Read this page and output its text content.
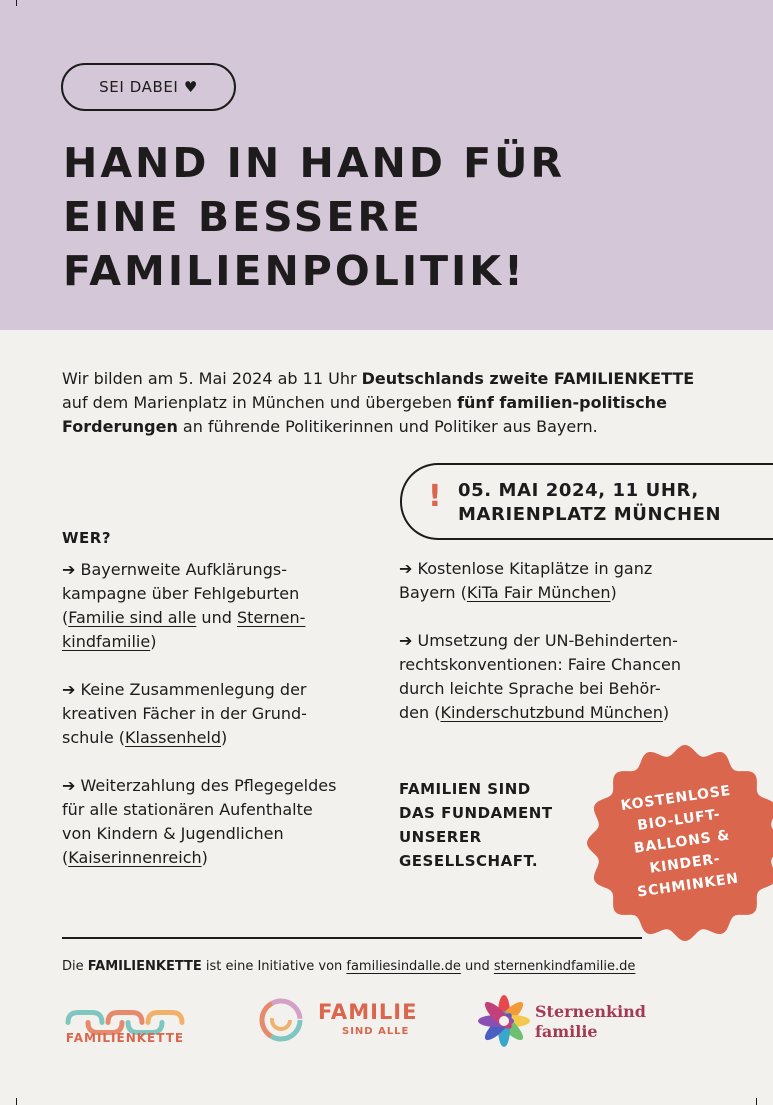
SEI DABEI ♥
HAND IN HAND FÜR
EINE BESSERE
FAMILIENPOLITIK!
Wir bilden am 5. Mai 2024 ab 11 Uhr Deutschlands zweite FAMILIENKETTE auf dem Marienplatz in München und übergeben fünf familien-politische Forderungen an führende Politikerinnen und Politiker aus Bayern.
! 05. MAI 2024, 11 UHR,
MARIENPLATZ MÜNCHEN
WER?
➔ Bayernweite Aufklärungs-
kampagne über Fehlgeburten
(Familie sind alle und Sternen-
kindfamilie)
➔ Keine Zusammenlegung der
kreativen Fächer in der Grund-
schule (Klassenheld)
➔ Weiterzahlung des Pflegegeldes
für alle stationären Aufenthalte
von Kindern & Jugendlichen
(Kaiserinnenreich)
➔ Kostenlose Kitaplätze in ganz
Bayern (KiTa Fair München)
➔ Umsetzung der UN-Behinderten-
rechtskonventionen: Faire Chancen
durch leichte Sprache bei Behör-
den (Kinderschutzbund München)
FAMILIEN SIND
DAS FUNDAMENT
UNSERER
GESELLSCHAFT.
KOSTENLOSE
BIO-LUFT-
BALLONS &
KINDER-
SCHMINKEN
Die FAMILIENKETTE ist eine Initiative von familiesindalle.de und sternenkindfamilie.de
FAMILIENKETTE
FAMILIE
SIND ALLE
Sternenkind
familie
